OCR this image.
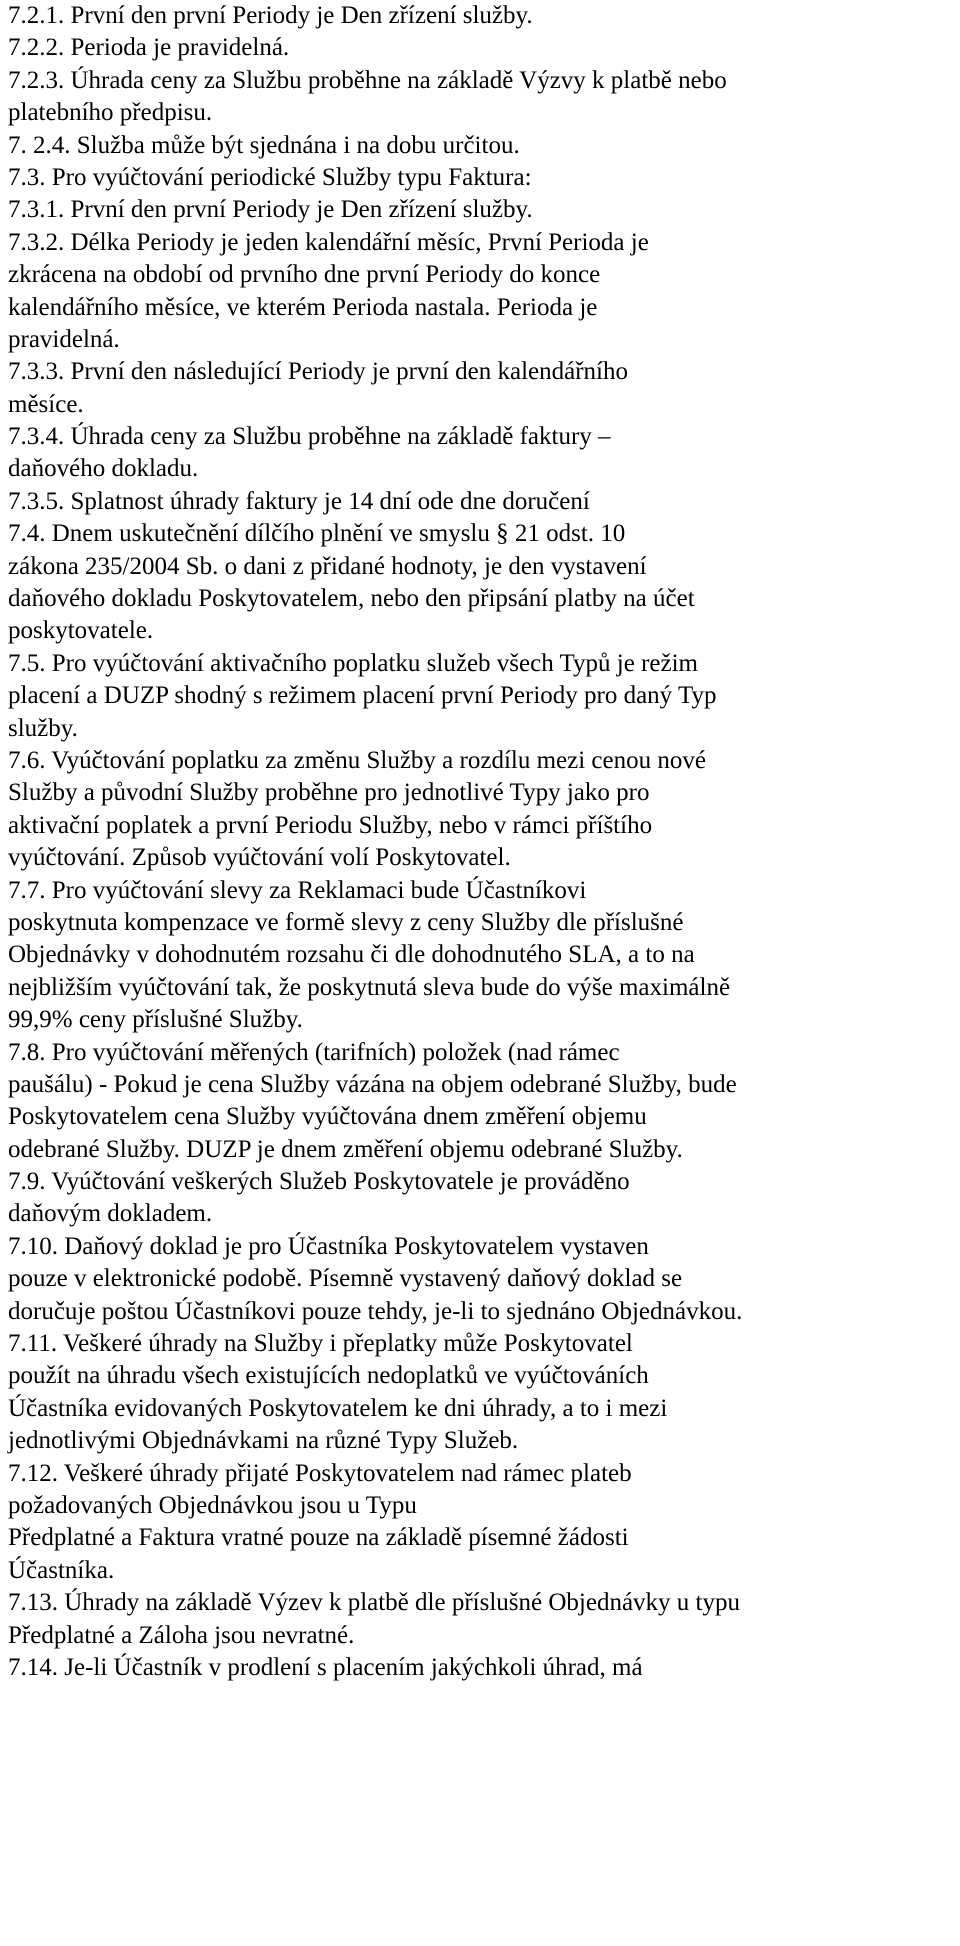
7.2.1. První den první Periody je Den zřízení služby.
7.2.2. Perioda je pravidelná.
7.2.3. Úhrada ceny za Službu proběhne na základě Výzvy k platbě nebo
platebního předpisu.
7. 2.4. Služba může být sjednána i na dobu určitou.
7.3. Pro vyúčtování periodické Služby typu Faktura:
7.3.1. První den první Periody je Den zřízení služby.
7.3.2. Délka Periody je jeden kalendářní měsíc, První Perioda je
zkrácena na období od prvního dne první Periody do konce
kalendářního měsíce, ve kterém Perioda nastala. Perioda je
pravidelná.
7.3.3. První den následující Periody je první den kalendářního
měsíce.
7.3.4. Úhrada ceny za Službu proběhne na základě faktury –
daňového dokladu.
7.3.5. Splatnost úhrady faktury je 14 dní ode dne doručení
7.4. Dnem uskutečnění dílčího plnění ve smyslu § 21 odst. 10
zákona 235/2004 Sb. o dani z přidané hodnoty, je den vystavení
daňového dokladu Poskytovatelem, nebo den připsání platby na účet
poskytovatele.
7.5. Pro vyúčtování aktivačního poplatku služeb všech Typů je režim
placení a DUZP shodný s režimem placení první Periody pro daný Typ
služby.
7.6. Vyúčtování poplatku za změnu Služby a rozdílu mezi cenou nové
Služby a původní Služby proběhne pro jednotlivé Typy jako pro
aktivační poplatek a první Periodu Služby, nebo v rámci příštího
vyúčtování. Způsob vyúčtování volí Poskytovatel.
7.7. Pro vyúčtování slevy za Reklamaci bude Účastníkovi
poskytnuta kompenzace ve formě slevy z ceny Služby dle příslušné
Objednávky v dohodnutém rozsahu či dle dohodnutého SLA, a to na
nejbližším vyúčtování tak, že poskytnutá sleva bude do výše maximálně
99,9% ceny příslušné Služby.
7.8. Pro vyúčtování měřených (tarifních) položek (nad rámec
paušálu) - Pokud je cena Služby vázána na objem odebrané Služby, bude
Poskytovatelem cena Služby vyúčtována dnem změření objemu
odebrané Služby. DUZP je dnem změření objemu odebrané Služby.
7.9. Vyúčtování veškerých Služeb Poskytovatele je prováděno
daňovým dokladem.
7.10. Daňový doklad je pro Účastníka Poskytovatelem vystaven
pouze v elektronické podobě. Písemně vystavený daňový doklad se
doručuje poštou Účastníkovi pouze tehdy, je-li to sjednáno Objednávkou.
7.11. Veškeré úhrady na Služby i přeplatky může Poskytovatel
použít na úhradu všech existujících nedoplatků ve vyúčtováních
Účastníka evidovaných Poskytovatelem ke dni úhrady, a to i mezi
jednotlivými Objednávkami na různé Typy Služeb.
7.12. Veškeré úhrady přijaté Poskytovatelem nad rámec plateb
požadovaných Objednávkou jsou u Typu
Předplatné a Faktura vratné pouze na základě písemné žádosti
Účastníka.
7.13. Úhrady na základě Výzev k platbě dle příslušné Objednávky u typu
Předplatné a Záloha jsou nevratné.
7.14. Je-li Účastník v prodlení s placením jakýchkoli úhrad, má
